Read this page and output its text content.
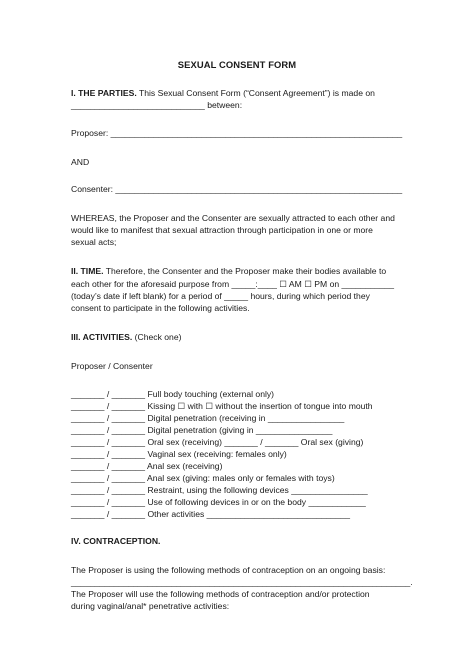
SEXUAL CONSENT FORM
I. THE PARTIES. This Sexual Consent Form (“Consent Agreement”) is made on
____________________________ between:
Proposer: _____________________________________________________________
AND
Consenter: ____________________________________________________________
WHEREAS, the Proposer and the Consenter are sexually attracted to each other and
would like to manifest that sexual attraction through participation in one or more
sexual acts;
II. TIME. Therefore, the Consenter and the Proposer make their bodies available to
each other for the aforesaid purpose from _____:____ ☐ AM ☐ PM on ___________
(today’s date if left blank) for a period of _____ hours, during which period they
consent to participate in the following activities.
III. ACTIVITIES. (Check one)
Proposer / Consenter
_______ / _______ Full body touching (external only)
_______ / _______ Kissing ☐ with ☐ without the insertion of tongue into mouth
_______ / _______ Digital penetration (receiving in ________________
_______ / _______ Digital penetration (giving in ________________
_______ / _______ Oral sex (receiving) _______ / _______ Oral sex (giving)
_______ / _______ Vaginal sex (receiving: females only)
_______ / _______ Anal sex (receiving)
_______ / _______ Anal sex (giving: males only or females with toys)
_______ / _______ Restraint, using the following devices ________________
_______ / _______ Use of following devices in or on the body ____________
_______ / _______ Other activities ______________________________
IV. CONTRACEPTION.
The Proposer is using the following methods of contraception on an ongoing basis:
_______________________________________________________________________.
The Proposer will use the following methods of contraception and/or protection
during vaginal/anal* penetrative activities:
